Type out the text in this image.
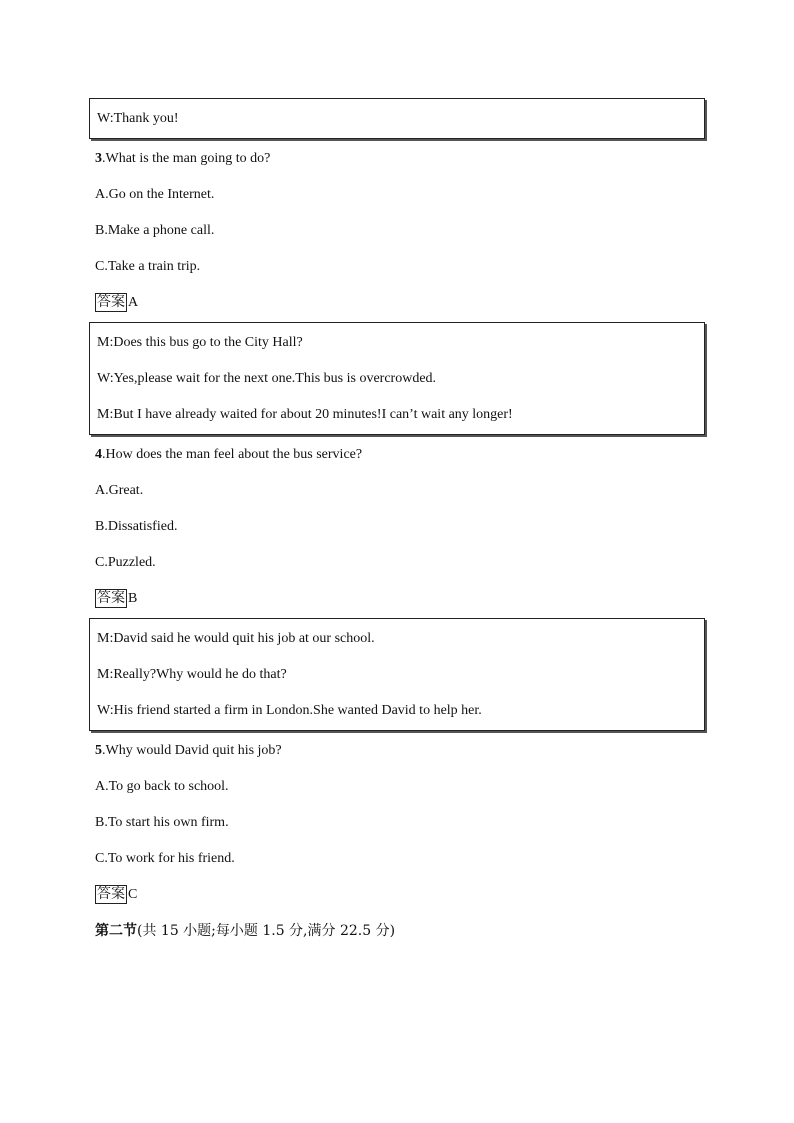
W:Thank you!
3.What is the man going to do?
A.Go on the Internet.
B.Make a phone call.
C.Take a train trip.
答案 A
M:Does this bus go to the City Hall?
W:Yes,please wait for the next one.This bus is overcrowded.
M:But I have already waited for about 20 minutes!I can’t wait any longer!
4.How does the man feel about the bus service?
A.Great.
B.Dissatisfied.
C.Puzzled.
答案 B
M:David said he would quit his job at our school.
M:Really?Why would he do that?
W:His friend started a firm in London.She wanted David to help her.
5.Why would David quit his job?
A.To go back to school.
B.To start his own firm.
C.To work for his friend.
答案 C
第二节(共 15 小题;每小题 1.5 分,满分 22.5 分)
